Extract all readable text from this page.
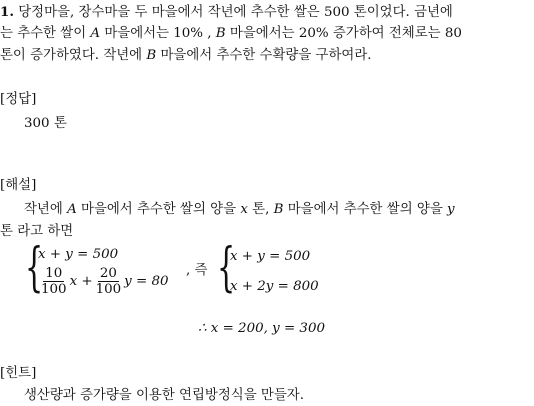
1. 당정마을, 장수마을 두 마을에서 작년에 추수한 쌀은 500 톤이었다. 금년에
는 추수한 쌀이 A 마을에서는 10% , B 마을에서는 20% 증가하여 전체로는 80
톤이 증가하였다. 작년에 B 마을에서 추수한 수확량을 구하여라.
[정답]
300 톤
[해설]
작년에 A 마을에서 추수한 쌀의 양을 x 톤, B 마을에서 추수한 쌀의 양을 y
톤 라고 하면
{
x + y = 500
$\frac{10}{100}$ $x + \frac{20}{100}$ y = 80
, 즉 {
x + y = 500
x + 2y = 800
∴ x = 200, y = 300
[힌트]
생산량과 증가량을 이용한 연립방정식을 만들자.
